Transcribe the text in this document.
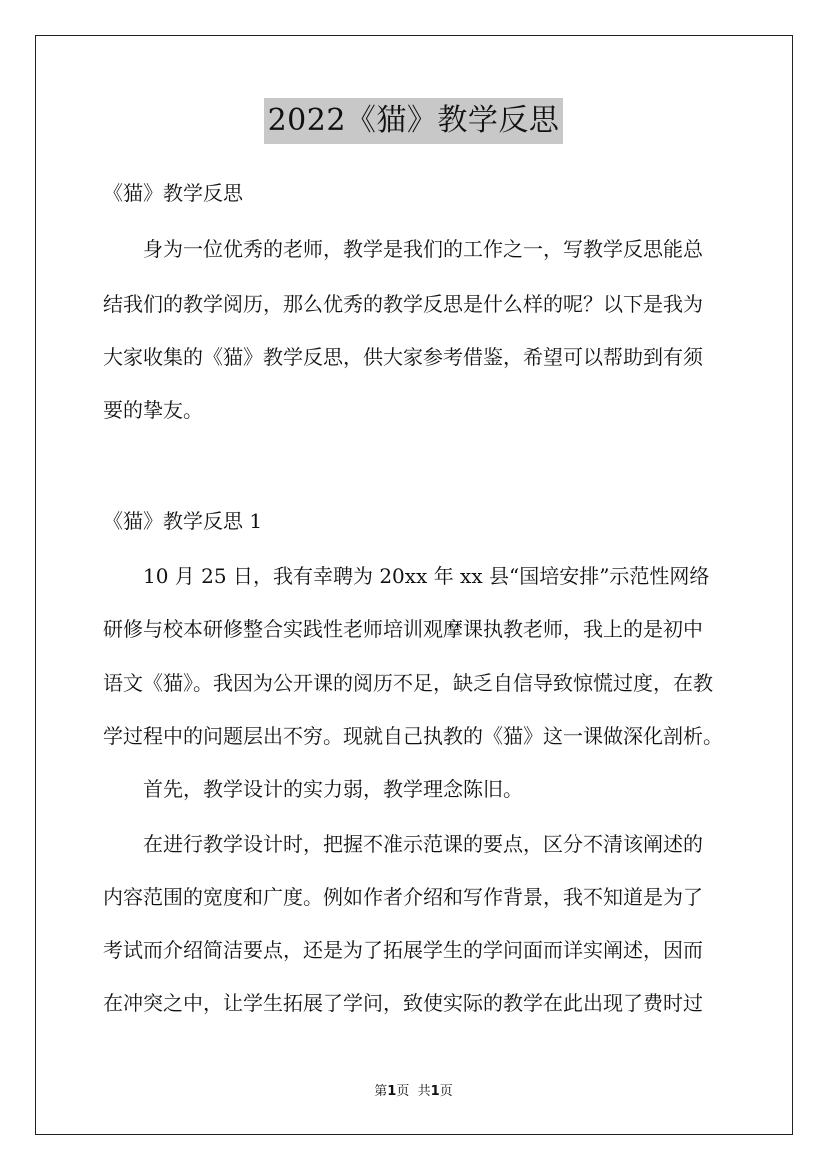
2022《猫》教学反思
《猫》教学反思
身为一位优秀的老师，教学是我们的工作之一，写教学反思能总
结我们的教学阅历，那么优秀的教学反思是什么样的呢？以下是我为
大家收集的《猫》教学反思，供大家参考借鉴，希望可以帮助到有须
要的挚友。
《猫》教学反思 1
10 月 25 日，我有幸聘为 20xx 年 xx 县“国培安排”示范性网络
研修与校本研修整合实践性老师培训观摩课执教老师，我上的是初中
语文《猫》。我因为公开课的阅历不足，缺乏自信导致惊慌过度，在教
学过程中的问题层出不穷。现就自己执教的《猫》这一课做深化剖析。
首先，教学设计的实力弱，教学理念陈旧。
在进行教学设计时，把握不准示范课的要点，区分不清该阐述的
内容范围的宽度和广度。例如作者介绍和写作背景，我不知道是为了
考试而介绍简洁要点，还是为了拓展学生的学问面而详实阐述，因而
在冲突之中，让学生拓展了学问，致使实际的教学在此出现了费时过
第1页 共1页
